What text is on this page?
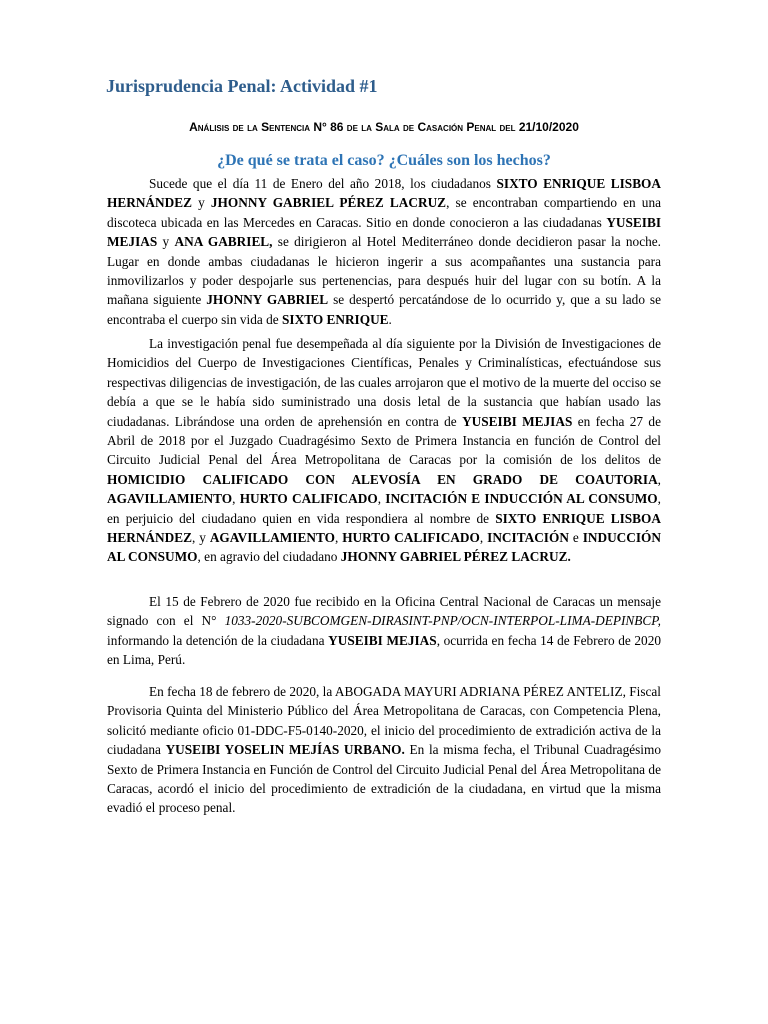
Jurisprudencia Penal: Actividad #1
Análisis de la Sentencia N° 86 de la Sala de Casación Penal del 21/10/2020
¿De qué se trata el caso? ¿Cuáles son los hechos?

Sucede que el día 11 de Enero del año 2018, los ciudadanos SIXTO ENRIQUE LISBOA HERNÁNDEZ y JHONNY GABRIEL PÉREZ LACRUZ, se encontraban compartiendo en una discoteca ubicada en las Mercedes en Caracas. Sitio en donde conocieron a las ciudadanas YUSEIBI MEJIAS y ANA GABRIEL, se dirigieron al Hotel Mediterráneo donde decidieron pasar la noche. Lugar en donde ambas ciudadanas le hicieron ingerir a sus acompañantes una sustancia para inmovilizarlos y poder despojarle sus pertenencias, para después huir del lugar con su botín. A la mañana siguiente JHONNY GABRIEL se despertó percatándose de lo ocurrido y, que a su lado se encontraba el cuerpo sin vida de SIXTO ENRIQUE.

La investigación penal fue desempeñada al día siguiente por la División de Investigaciones de Homicidios del Cuerpo de Investigaciones Científicas, Penales y Criminalísticas, efectuándose sus respectivas diligencias de investigación, de las cuales arrojaron que el motivo de la muerte del occiso se debía a que se le había sido suministrado una dosis letal de la sustancia que habían usado las ciudadanas. Librándose una orden de aprehensión en contra de YUSEIBI MEJIAS en fecha 27 de Abril de 2018 por el Juzgado Cuadragésimo Sexto de Primera Instancia en función de Control del Circuito Judicial Penal del Área Metropolitana de Caracas por la comisión de los delitos de HOMICIDIO CALIFICADO CON ALEVOSÍA EN GRADO DE COAUTORIA, AGAVILLAMIENTO, HURTO CALIFICADO, INCITACIÓN E INDUCCIÓN AL CONSUMO, en perjuicio del ciudadano quien en vida respondiera al nombre de SIXTO ENRIQUE LISBOA HERNÁNDEZ, y AGAVILLAMIENTO, HURTO CALIFICADO, INCITACIÓN e INDUCCIÓN AL CONSUMO, en agravio del ciudadano JHONNY GABRIEL PÉREZ LACRUZ.

El 15 de Febrero de 2020 fue recibido en la Oficina Central Nacional de Caracas un mensaje signado con el N° 1033-2020-SUBCOMGEN-DIRASINT-PNP/OCN-INTERPOL-LIMA-DEPINBCP, informando la detención de la ciudadana YUSEIBI MEJIAS, ocurrida en fecha 14 de Febrero de 2020 en Lima, Perú.

En fecha 18 de febrero de 2020, la ABOGADA MAYURI ADRIANA PÉREZ ANTELIZ, Fiscal Provisoria Quinta del Ministerio Público del Área Metropolitana de Caracas, con Competencia Plena, solicitó mediante oficio 01-DDC-F5-0140-2020, el inicio del procedimiento de extradición activa de la ciudadana YUSEIBI YOSELIN MEJÍAS URBANO. En la misma fecha, el Tribunal Cuadragésimo Sexto de Primera Instancia en Función de Control del Circuito Judicial Penal del Área Metropolitana de Caracas, acordó el inicio del procedimiento de extradición de la ciudadana, en virtud que la misma evadió el proceso penal.
